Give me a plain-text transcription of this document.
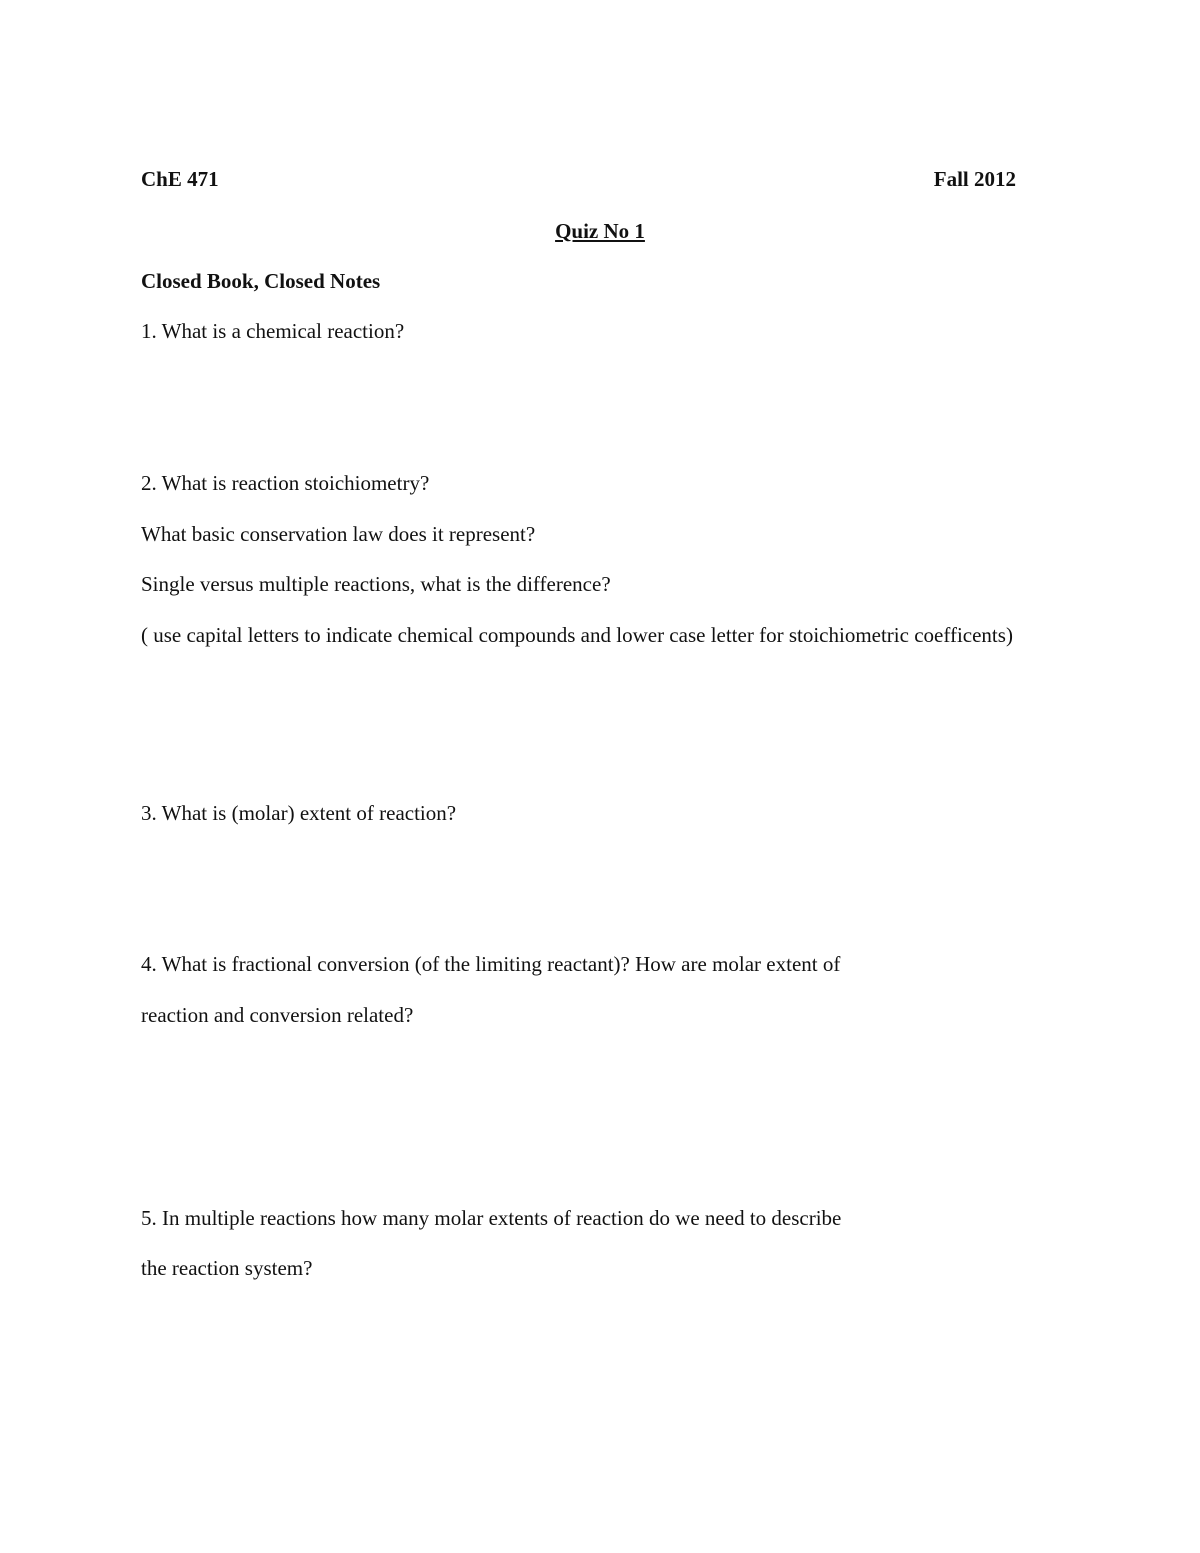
ChE 471	Fall 2012
Quiz No 1
Closed Book, Closed Notes
1. What is a chemical reaction?
2. What is reaction stoichiometry?
What basic conservation law does it represent?
Single versus multiple reactions, what is the difference?
( use capital letters to indicate chemical compounds and lower case letter for stoichiometric coefficents)
3. What is (molar) extent of reaction?
4. What is fractional conversion (of the limiting reactant)? How are molar extent of
reaction and conversion related?
5. In multiple reactions how many molar extents of reaction do we need to describe
the reaction system?
